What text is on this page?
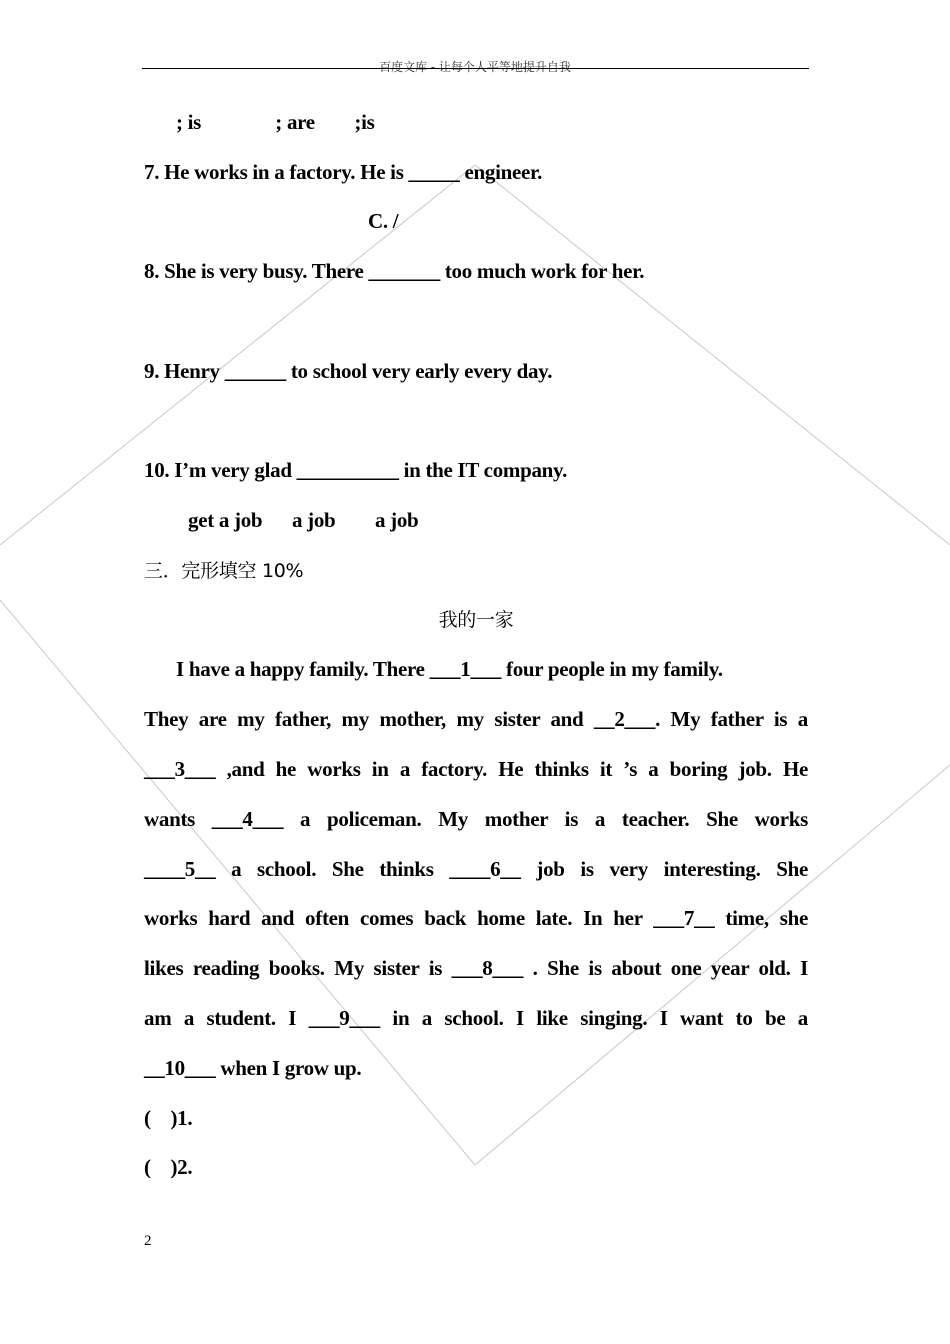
百度文库 - 让每个人平等地提升自我
; is               ; are        ;is
7. He works in a factory. He is _____ engineer.
C. /
8. She is very busy. There _______ too much work for her.
9. Henry ______ to school very early every day.
10. I’m very glad __________ in the IT company.
get a job      a job        a job
三．完形填空 10%
我的一家
I have a happy family. There ___1___ four people in my family.
They are my father, my mother, my sister and __2___. My father is a
___3___ ,and he works in a factory. He thinks it ’s a boring job. He
wants ___4___ a policeman. My mother is a teacher. She works
____5__ a school. She thinks ____6__ job is very interesting. She
works hard and often comes back home late. In her ___7__ time, she
likes reading books. My sister is ___8___ . She is about one year old. I
am a student. I ___9___ in a school. I like singing. I want to be a
__10___ when I grow up.
(    )1.
(    )2.
2
